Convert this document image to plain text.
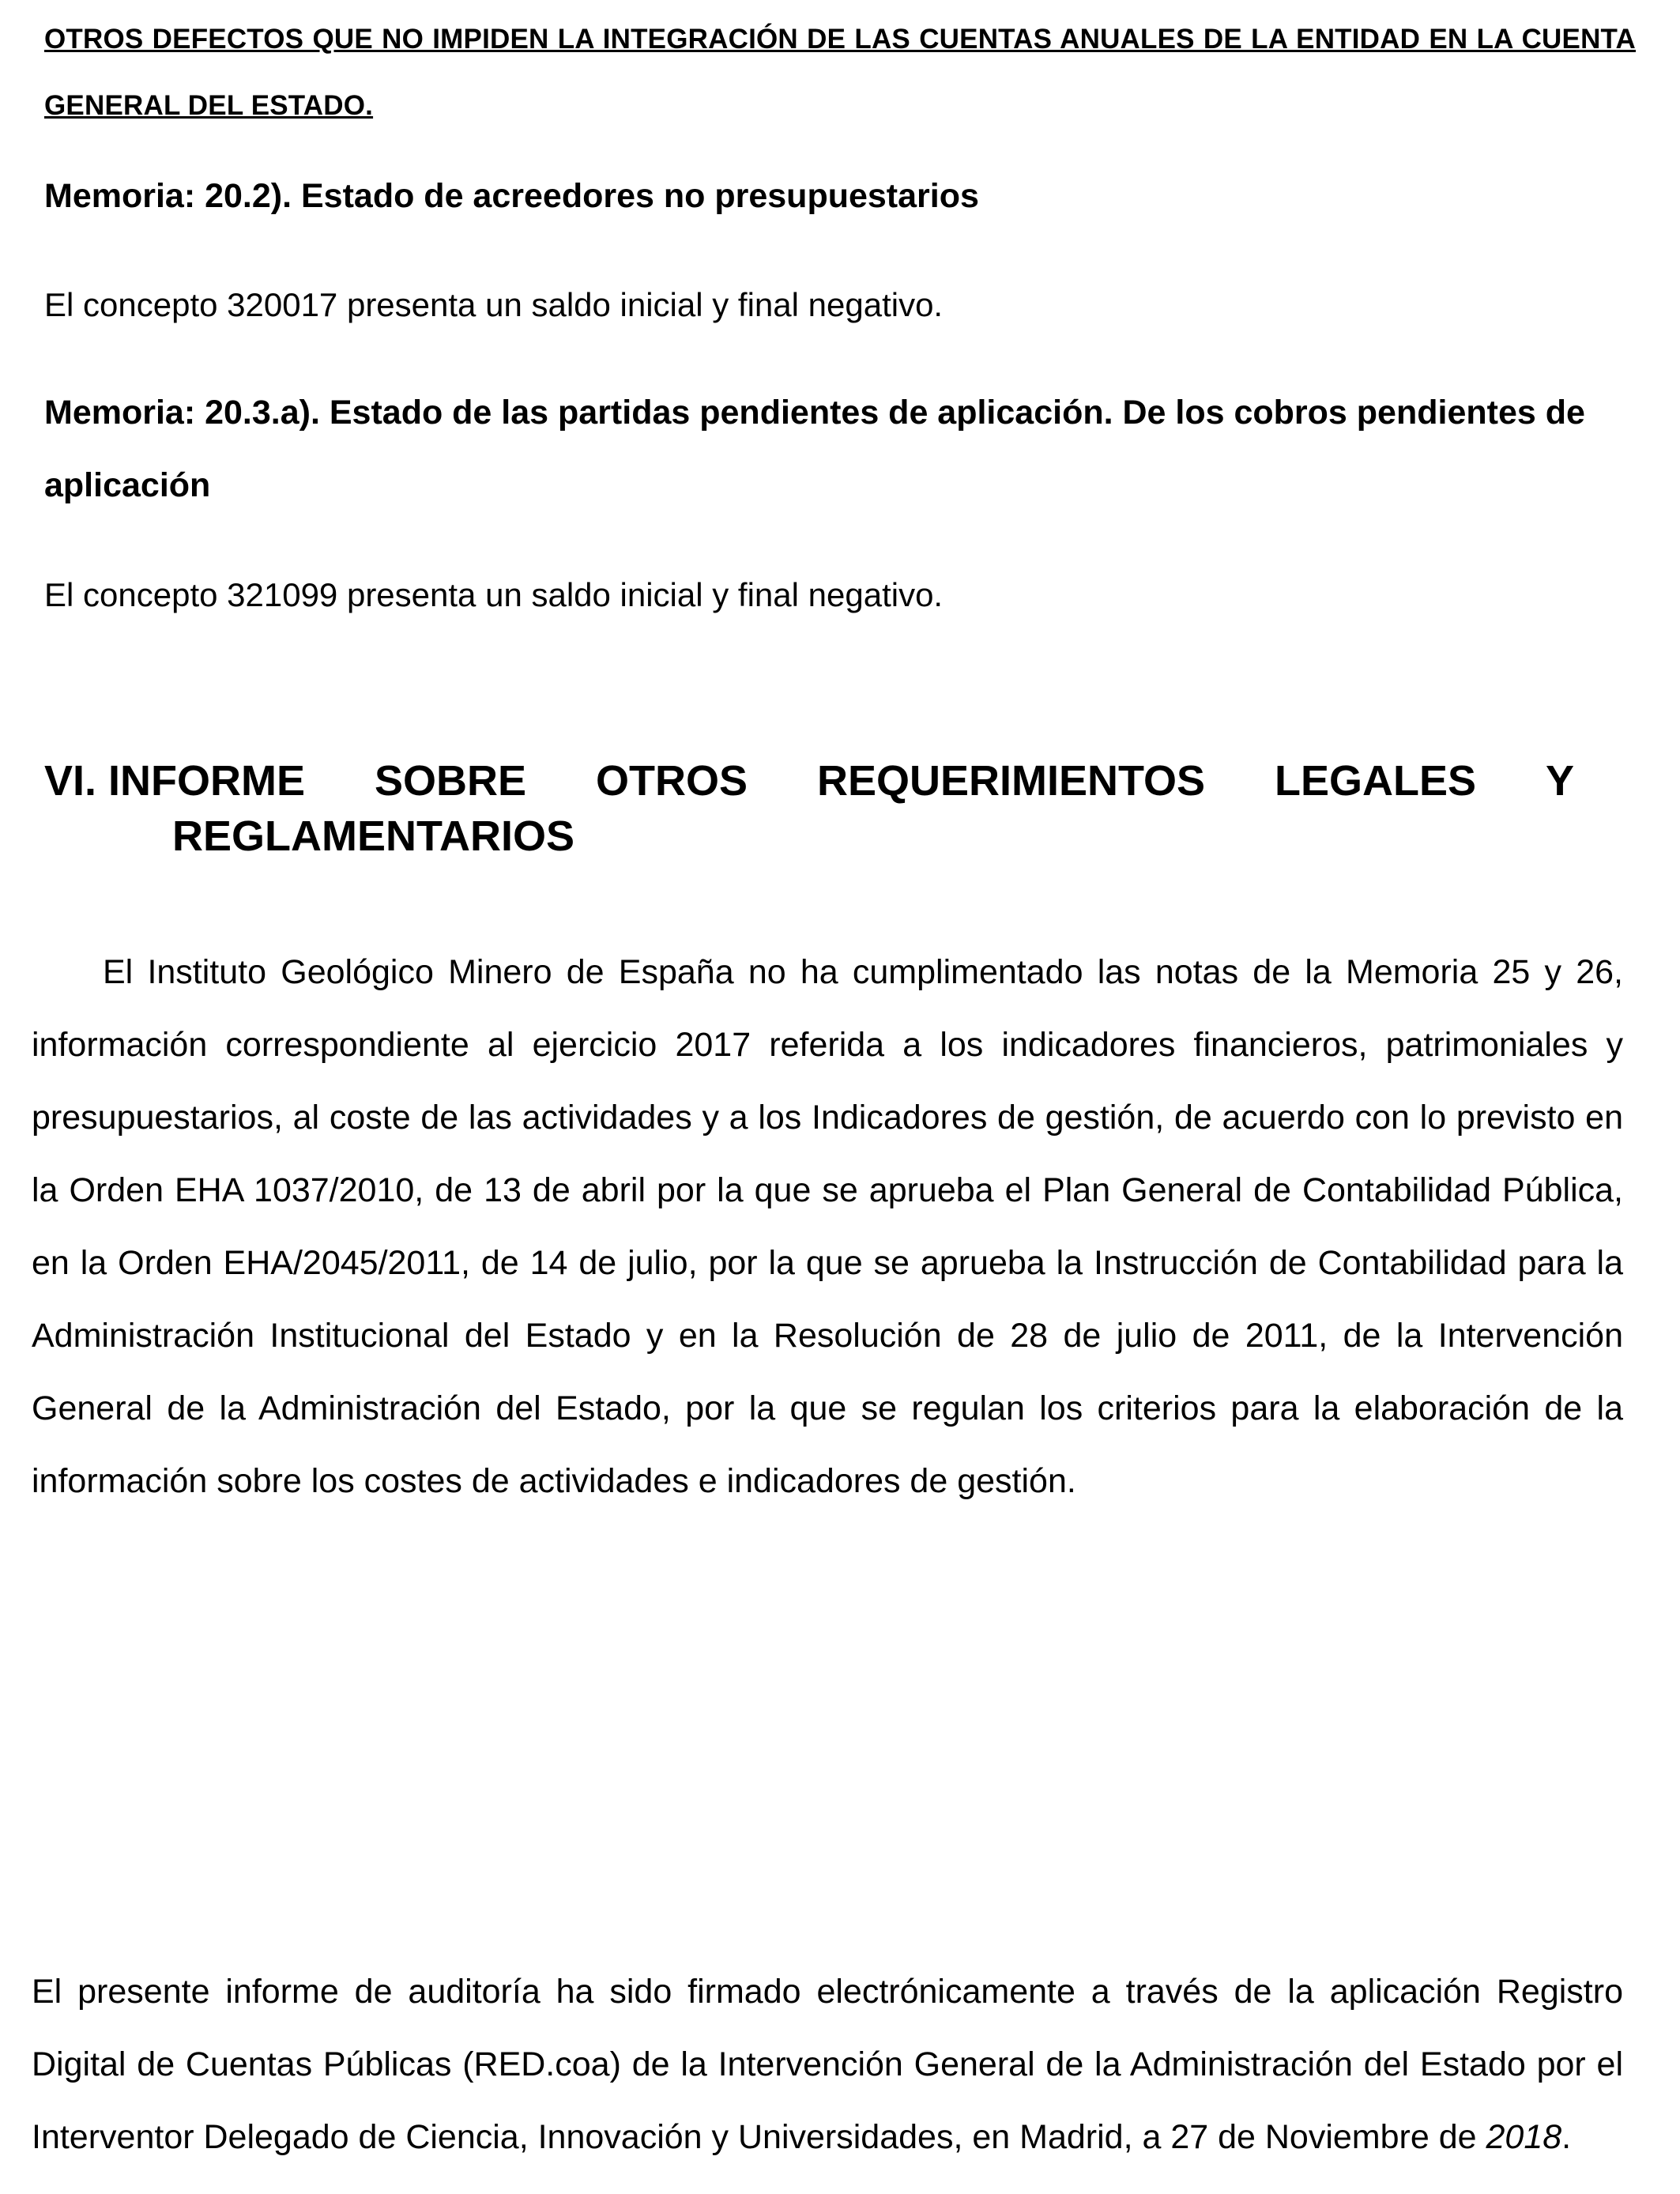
OTROS DEFECTOS QUE NO IMPIDEN LA INTEGRACIÓN DE LAS CUENTAS ANUALES DE LA ENTIDAD EN LA CUENTA GENERAL DEL ESTADO.

Memoria: 20.2). Estado de acreedores no presupuestarios

El concepto 320017 presenta un saldo inicial y final negativo.

Memoria: 20.3.a). Estado de las partidas pendientes de aplicación. De los cobros pendientes de aplicación

El concepto 321099 presenta un saldo inicial y final negativo.

VI. INFORME SOBRE OTROS REQUERIMIENTOS LEGALES Y
REGLAMENTARIOS

El Instituto Geológico Minero de España no ha cumplimentado las notas de la Memoria 25 y 26, información correspondiente al ejercicio 2017 referida a los indicadores financieros, patrimoniales y presupuestarios, al coste de las actividades y a los Indicadores de gestión, de acuerdo con lo previsto en la Orden EHA 1037/2010, de 13 de abril por la que se aprueba el Plan General de Contabilidad Pública, en la Orden EHA/2045/2011, de 14 de julio, por la que se aprueba la Instrucción de Contabilidad para la Administración Institucional del Estado y en la Resolución de 28 de julio de 2011, de la Intervención General de la Administración del Estado, por la que se regulan los criterios para la elaboración de la información sobre los costes de actividades e indicadores de gestión.

El presente informe de auditoría ha sido firmado electrónicamente a través de la aplicación Registro Digital de Cuentas Públicas (RED.coa) de la Intervención General de la Administración del Estado por el Interventor Delegado de Ciencia, Innovación y Universidades, en Madrid, a 27 de Noviembre de 2018.
